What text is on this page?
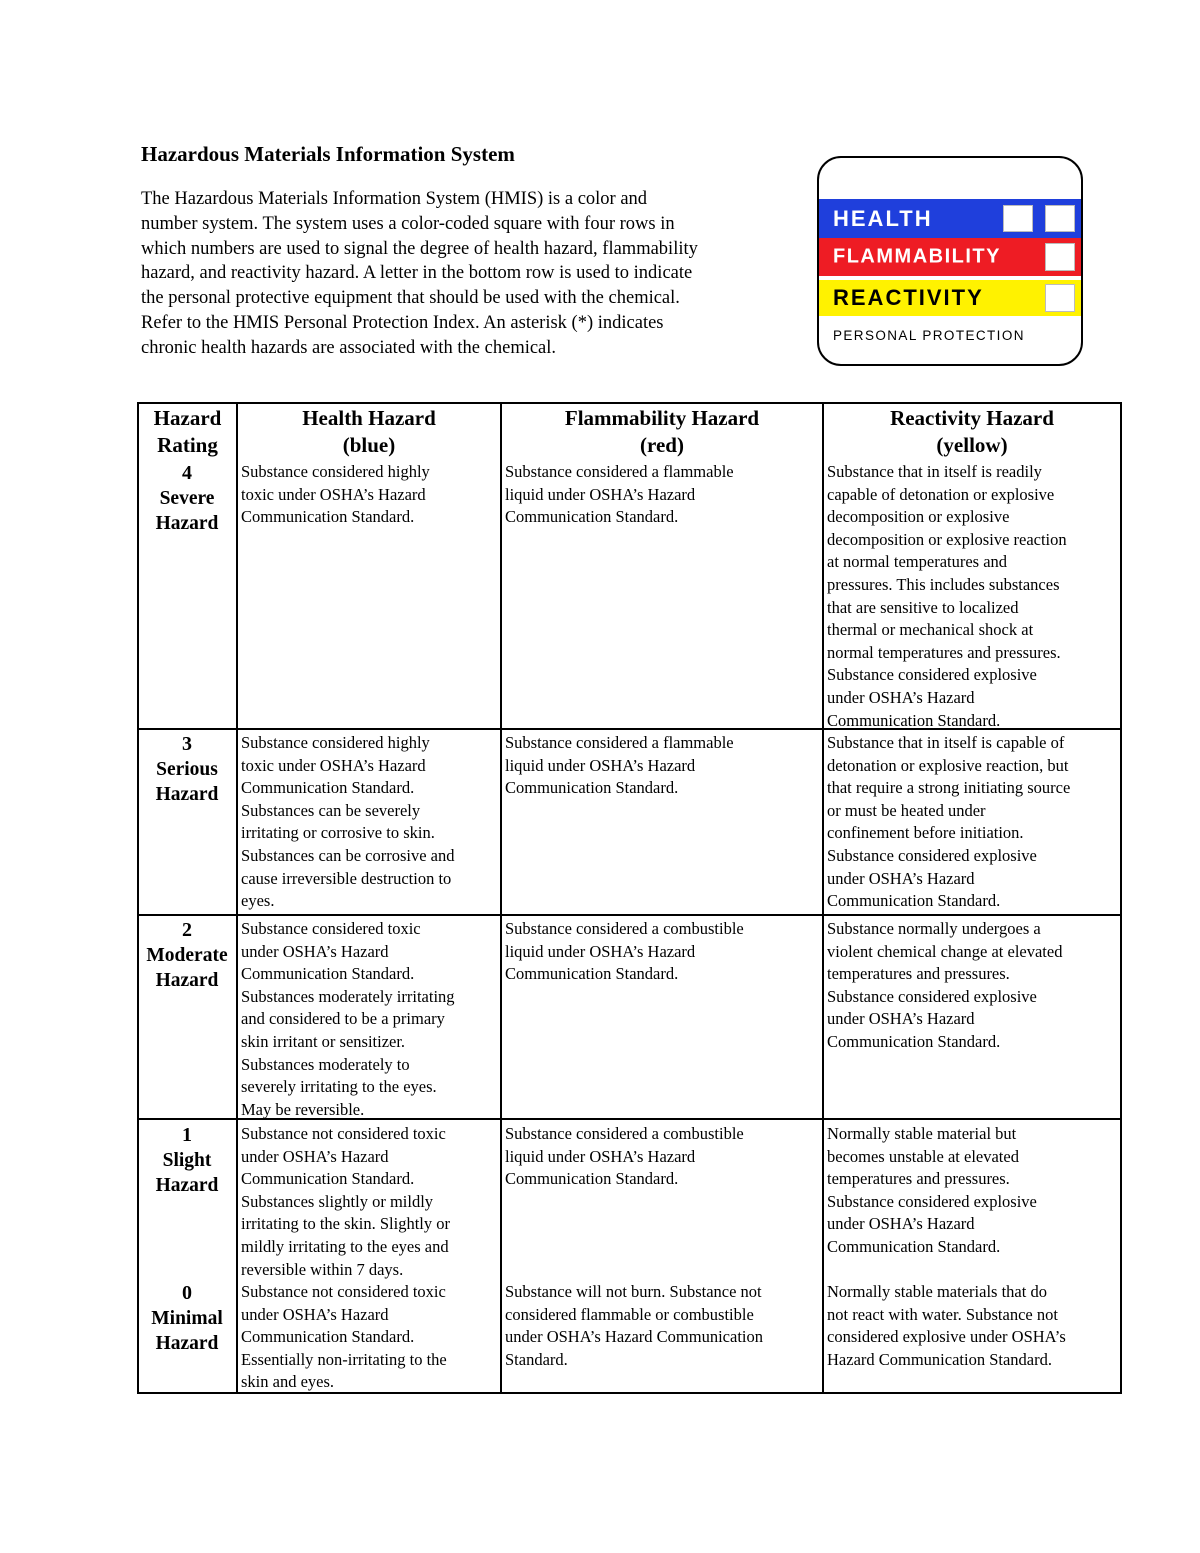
Hazardous Materials Information System
The Hazardous Materials Information System (HMIS) is a color and
number system. The system uses a color-coded square with four rows in
which numbers are used to signal the degree of health hazard, flammability
hazard, and reactivity hazard. A letter in the bottom row is used to indicate
the personal protective equipment that should be used with the chemical.
Refer to the HMIS Personal Protection Index. An asterisk (*) indicates
chronic health hazards are associated with the chemical.
HEALTH
FLAMMABILITY
REACTIVITY
PERSONAL PROTECTION
Hazard
Rating
Health Hazard
(blue)
Flammability Hazard
(red)
Reactivity Hazard
(yellow)
4
Severe
Hazard
3
Serious
Hazard
2
Moderate
Hazard
1
Slight
Hazard
0
Minimal
Hazard
Substance considered highly
toxic under OSHA’s Hazard
Communication Standard.
Substance considered a flammable
liquid under OSHA’s Hazard
Communication Standard.
Substance that in itself is readily
capable of detonation or explosive
decomposition or explosive
decomposition or explosive reaction
at normal temperatures and
pressures. This includes substances
that are sensitive to localized
thermal or mechanical shock at
normal temperatures and pressures.
Substance considered explosive
under OSHA’s Hazard
Communication Standard.
Substance considered highly
toxic under OSHA’s Hazard
Communication Standard.
Substances can be severely
irritating or corrosive to skin.
Substances can be corrosive and
cause irreversible destruction to
eyes.
Substance considered a flammable
liquid under OSHA’s Hazard
Communication Standard.
Substance that in itself is capable of
detonation or explosive reaction, but
that require a strong initiating source
or must be heated under
confinement before initiation.
Substance considered explosive
under OSHA’s Hazard
Communication Standard.
Substance considered toxic
under OSHA’s Hazard
Communication Standard.
Substances moderately irritating
and considered to be a primary
skin irritant or sensitizer.
Substances moderately to
severely irritating to the eyes.
May be reversible.
Substance considered a combustible
liquid under OSHA’s Hazard
Communication Standard.
Substance normally undergoes a
violent chemical change at elevated
temperatures and pressures.
Substance considered explosive
under OSHA’s Hazard
Communication Standard.
Substance not considered toxic
under OSHA’s Hazard
Communication Standard.
Substances slightly or mildly
irritating to the skin. Slightly or
mildly irritating to the eyes and
reversible within 7 days.
Substance considered a combustible
liquid under OSHA’s Hazard
Communication Standard.
Normally stable material but
becomes unstable at elevated
temperatures and pressures.
Substance considered explosive
under OSHA’s Hazard
Communication Standard.
Substance not considered toxic
under OSHA’s Hazard
Communication Standard.
Essentially non-irritating to the
skin and eyes.
Substance will not burn. Substance not
considered flammable or combustible
under OSHA’s Hazard Communication
Standard.
Normally stable materials that do
not react with water. Substance not
considered explosive under OSHA’s
Hazard Communication Standard.
